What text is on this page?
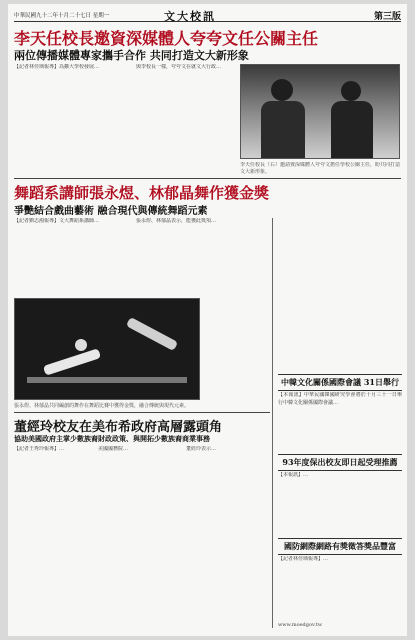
中華民國九十二年十月二十七日 星期一	文大校訊	第三版
李天任校長邀資深媒體人夸夸文任公關主任
兩位傳播媒體專家攜手合作 共同打造文大新形象
【記者林佳瑀報導】為擴大學校發展…	與李校長一樣，夸夸文在就文大行政…
李天任校長（右）邀請資深媒體人夸夸文擔任學校公關主任，盼共同打造文大新形象。
舞蹈系講師張永煜、林郁晶舞作獲金獎
爭艷結合戲曲藝術 融合現代與傳統舞蹈元素
【記者劉志鴻報導】文大舞蹈系講師…
張永煜、林郁晶共同編創的舞作在舞蹈比賽中獲得金獎，融合傳統與現代元素。
張永煜、林郁晶表示，能獲此獎項…
董經玲校友在美布希政府高層露頭角
協助美國政府主掌少數族裔財政政策、與開拓少數族裔商業事務
【記者王秀玲報導】…	美國國務院…	董經玲表示…
中韓文化關係國際會議 31日舉行
【本報訊】中華民國韓國研究學會將於十月三十一日舉行中韓文化關係國際會議…
93年度保出校友即日起受理推薦
【本報訊】…
國防網際網路有獎徵答獎品豐富
【記者林佳瑀報導】…
www.moedgov.tw
